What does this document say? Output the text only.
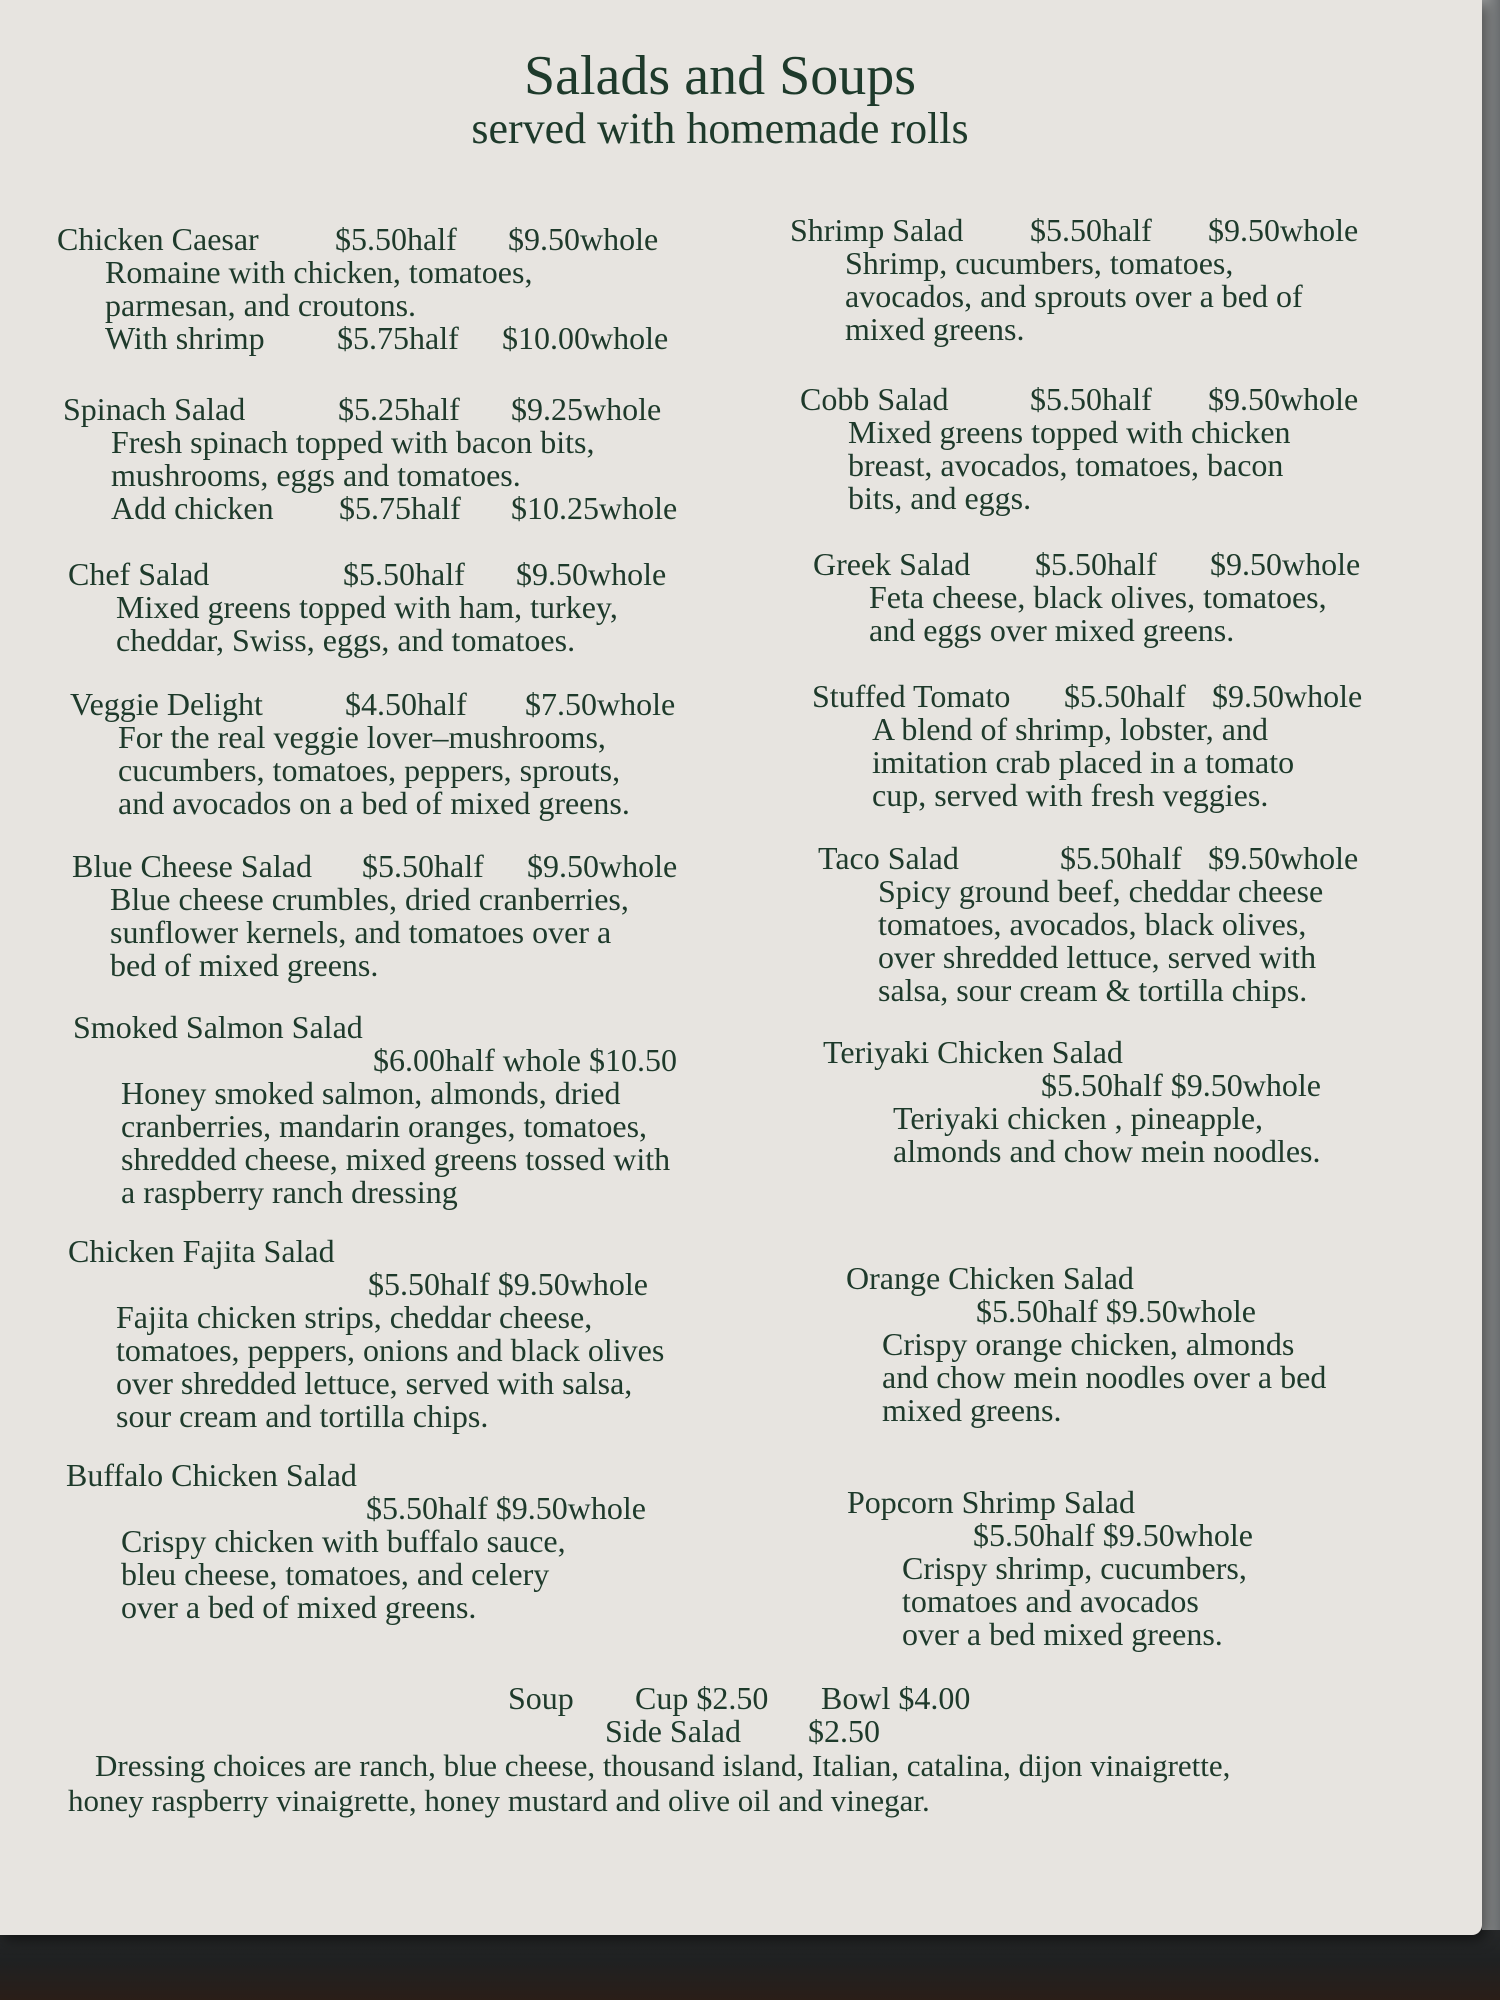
Salads and Soups
served with homemade rolls
Chicken Caesar $5.50half $9.50whole
Romaine with chicken, tomatoes,
parmesan, and croutons.
With shrimp $5.75half $10.00whole
Spinach Salad	$5.25half $9.25whole
Fresh spinach topped with bacon bits,
mushrooms, eggs and tomatoes.
Add chicken $5.75half $10.25whole
Chef Salad	$5.50half $9.50whole
Mixed greens topped with ham, turkey,
cheddar, Swiss, eggs, and tomatoes.
Veggie Delight	$4.50half $7.50whole
For the real veggie lover–mushrooms,
cucumbers, tomatoes, peppers, sprouts,
and avocados on a bed of mixed greens.
Blue Cheese Salad $5.50half $9.50whole
Blue cheese crumbles, dried cranberries,
sunflower kernels, and tomatoes over a
bed of mixed greens.
Smoked Salmon Salad
$6.00half whole $10.50
Honey smoked salmon, almonds, dried
cranberries, mandarin oranges, tomatoes,
shredded cheese, mixed greens tossed with
a raspberry ranch dressing
Chicken Fajita Salad
$5.50half $9.50whole
Fajita chicken strips, cheddar cheese,
tomatoes, peppers, onions and black olives
over shredded lettuce, served with salsa,
sour cream and tortilla chips.
Buffalo Chicken Salad
$5.50half $9.50whole
Crispy chicken with buffalo sauce,
bleu cheese, tomatoes, and celery
over a bed of mixed greens.
Shrimp Salad $5.50half $9.50whole
Shrimp, cucumbers, tomatoes,
avocados, and sprouts over a bed of
mixed greens.
Cobb Salad	$5.50half $9.50whole
Mixed greens topped with chicken
breast, avocados, tomatoes, bacon
bits, and eggs.
Greek Salad $5.50half $9.50whole
Feta cheese, black olives, tomatoes,
and eggs over mixed greens.
Stuffed Tomato $5.50half $9.50whole
A blend of shrimp, lobster, and
imitation crab placed in a tomato
cup, served with fresh veggies.
Taco Salad	$5.50half $9.50whole
Spicy ground beef, cheddar cheese
tomatoes, avocados, black olives,
over shredded lettuce, served with
salsa, sour cream & tortilla chips.
Teriyaki Chicken Salad
$5.50half $9.50whole
Teriyaki chicken , pineapple,
almonds and chow mein noodles.
Orange Chicken Salad
$5.50half $9.50whole
Crispy orange chicken, almonds
and chow mein noodles over a bed
mixed greens.
Popcorn Shrimp Salad
$5.50half $9.50whole
Crispy shrimp, cucumbers,
tomatoes and avocados
over a bed mixed greens.
Soup Cup $2.50 Bowl $4.00
Side Salad $2.50
Dressing choices are ranch, blue cheese, thousand island, Italian, catalina, dijon vinaigrette,
honey raspberry vinaigrette, honey mustard and olive oil and vinegar.
